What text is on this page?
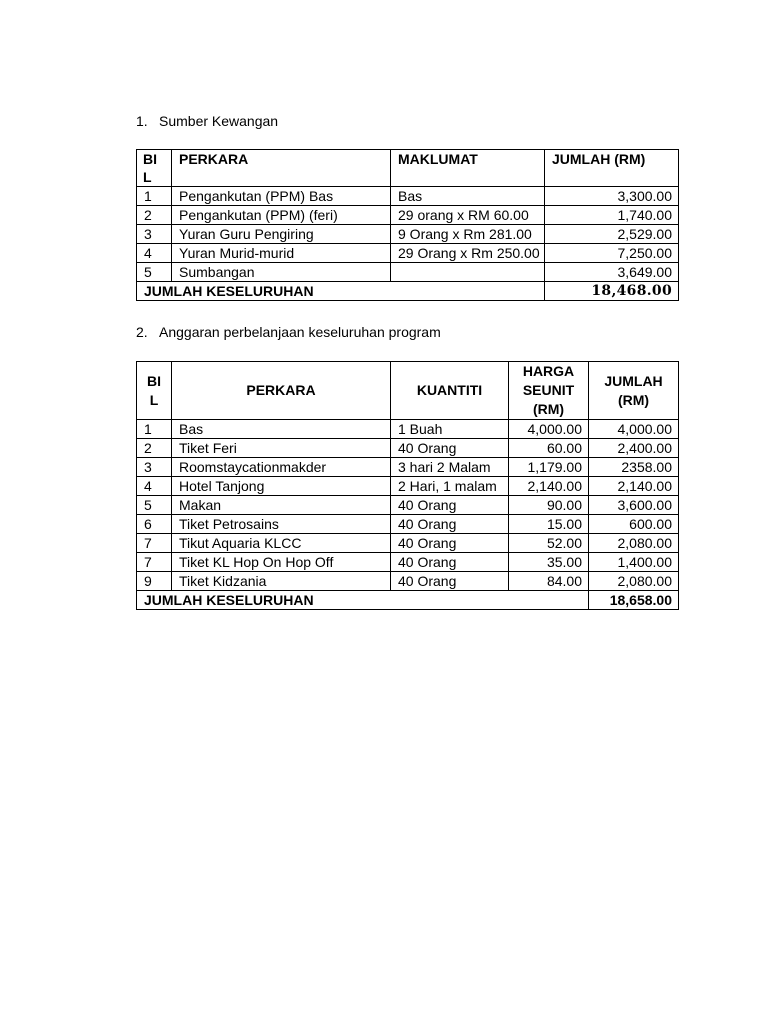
1. Sumber Kewangan
BIL	PERKARA	MAKLUMAT	JUMLAH (RM)
1	Pengankutan (PPM) Bas	Bas	3,300.00
2	Pengankutan (PPM) (feri)	29 orang x RM 60.00	1,740.00
3	Yuran Guru Pengiring	9 Orang x Rm 281.00	2,529.00
4	Yuran Murid-murid	29 Orang x Rm 250.00	7,250.00
5	Sumbangan		3,649.00
JUMLAH KESELURUHAN			18,468.00
2. Anggaran perbelanjaan keseluruhan program
BIL	PERKARA	KUANTITI	HARGA SEUNIT (RM)	JUMLAH (RM)
1	Bas	1 Buah	4,000.00	4,000.00
2	Tiket Feri	40 Orang	60.00	2,400.00
3	Roomstaycationmakder	3 hari 2 Malam	1,179.00	2358.00
4	Hotel Tanjong	2 Hari, 1 malam	2,140.00	2,140.00
5	Makan	40 Orang	90.00	3,600.00
6	Tiket Petrosains	40 Orang	15.00	600.00
7	Tikut Aquaria KLCC	40 Orang	52.00	2,080.00
7	Tiket KL Hop On Hop Off	40 Orang	35.00	1,400.00
9	Tiket Kidzania	40 Orang	84.00	2,080.00
JUMLAH KESELURUHAN				18,658.00
